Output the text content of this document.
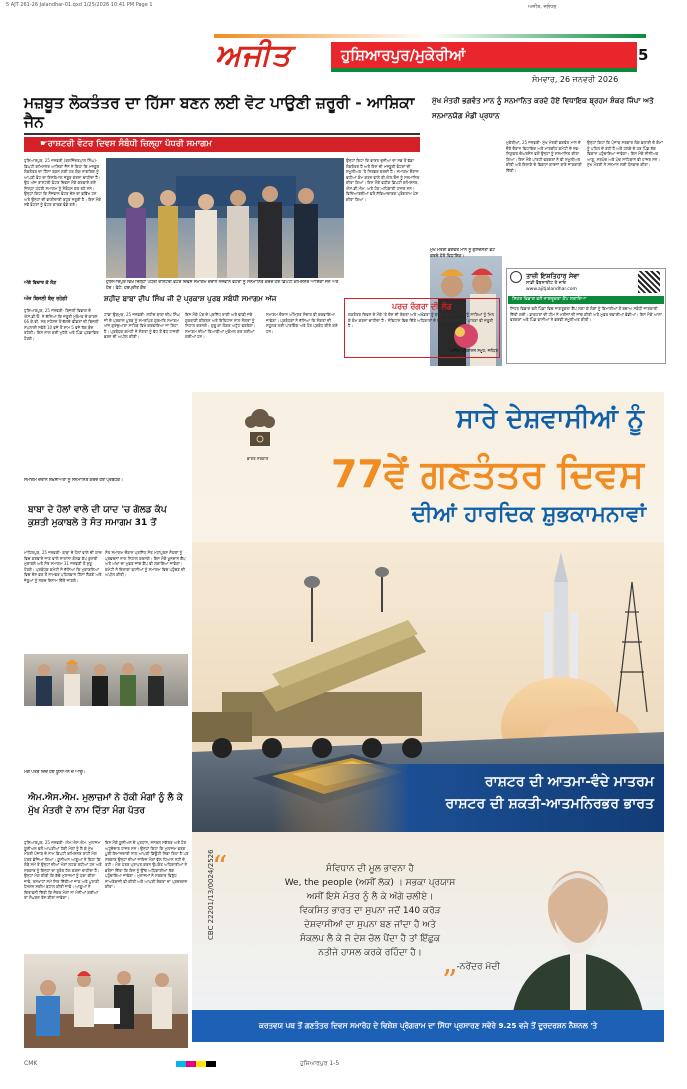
5 AJT 261-26 Jalandhar-01.qxd 1/25/2026 10:41 PM Page 1	ਅਜੀਤ, ਜਲੰਧਰ
ਅਜੀਤ	ਹੁਸ਼ਿਆਰਪੁਰ/ਮੁਕੇਰੀਆਂ	5
ਸੋਮਵਾਰ, 26 ਜਨਵਰੀ 2026
ਮਜ਼ਬੂਤ ਲੋਕਤੰਤਰ ਦਾ ਹਿੱਸਾ ਬਣਨ ਲਈ ਵੋਟ ਪਾਉਣੀ ਜ਼ਰੂਰੀ - ਆਸ਼ਿਕਾ ਜੈਨ
☛ਰਾਸ਼ਟਰੀ ਵੋਟਰ ਦਿਵਸ ਸੰਬੰਧੀ ਜ਼ਿਲ੍ਹਾ ਪੱਧਰੀ ਸਮਾਗਮ

ਹੁਸ਼ਿਆਰਪੁਰ, 25 ਜਨਵਰੀ (ਬਲਜਿੰਦਰਪਾਲ ਸਿੰਘ)- ਡਿਪਟੀ ਕਮਿਸ਼ਨਰ ਆਸ਼ਿਕਾ ਜੈਨ ਨੇ ਕਿਹਾ ਕਿ ਮਜ਼ਬੂਤ ਲੋਕਤੰਤਰ ਦਾ ਹਿੱਸਾ ਬਣਨ ਲਈ ਹਰ ਯੋਗ ਨਾਗਰਿਕ ਨੂੰ ਆਪਣੀ ਵੋਟ ਦਾ ਇਸਤੇਮਾਲ ਜ਼ਰੂਰ ਕਰਨਾ ਚਾਹੀਦਾ ਹੈ। ਉਹ ਅੱਜ ਰਾਸ਼ਟਰੀ ਵੋਟਰ ਦਿਵਸ ਮੌਕੇ ਕਰਵਾਏ ਗਏ ਜ਼ਿਲ੍ਹਾ ਪੱਧਰੀ ਸਮਾਗਮ ਨੂੰ ਸੰਬੋਧਨ ਕਰ ਰਹੇ ਸਨ। ਉਨ੍ਹਾਂ ਕਿਹਾ ਕਿ ਨੌਜਵਾਨ ਵੋਟਰ ਦੇਸ਼ ਦਾ ਭਵਿੱਖ ਹਨ ਅਤੇ ਉਨ੍ਹਾਂ ਦੀ ਭਾਗੀਦਾਰੀ ਬਹੁਤ ਜ਼ਰੂਰੀ ਹੈ। ਇਸ ਮੌਕੇ ਨਵੇਂ ਵੋਟਰਾਂ ਨੂੰ ਵੋਟਰ ਕਾਰਡ ਵੰਡੇ ਗਏ।

ਅੱਗੇ ਵਿਚਾਰ ਕੇ ਲੋੜ	ਹੁਸ਼ਿਆਰਪੁਰ ਵਿਖੇ ਜ਼ਿਲ੍ਹਾ ਪੱਧਰੀ ਰਾਸ਼ਟਰੀ ਵੋਟਰ ਦਿਵਸ ਸਮਾਗਮ ਦੌਰਾਨ ਨੌਜਵਾਨ ਵੋਟਰਾਂ ਨੂੰ ਸਨਮਾਨਿਤ ਕਰਦੇ ਹੋਏ ਡਿਪਟੀ ਕਮਿਸ਼ਨਰ ਆਸ਼ਿਕਾ ਜੈਨ ਅਤੇ ਹੋਰ। ਫੋਟੋ: ਹਰਪ੍ਰੀਤ ਕੌਰ

ਉਨ੍ਹਾਂ ਕਿਹਾ ਕਿ ਭਾਰਤ ਦੁਨੀਆ ਦਾ ਸਭ ਤੋਂ ਵੱਡਾ ਲੋਕਤੰਤਰ ਹੈ ਅਤੇ ਇਸ ਦੀ ਮਜ਼ਬੂਤੀ ਵੋਟਰਾਂ ਦੀ ਸ਼ਮੂਲੀਅਤ 'ਤੇ ਨਿਰਭਰ ਕਰਦੀ ਹੈ। ਸਮਾਗਮ ਦੌਰਾਨ ਵਧੀਆ ਕੰਮ ਕਰਨ ਵਾਲੇ ਬੀ.ਐਲ.ਓਜ਼ ਨੂੰ ਸਨਮਾਨਿਤ ਕੀਤਾ ਗਿਆ। ਇਸ ਮੌਕੇ ਵਧੀਕ ਡਿਪਟੀ ਕਮਿਸ਼ਨਰ, ਐਸ.ਡੀ.ਐਮ. ਅਤੇ ਹੋਰ ਅਧਿਕਾਰੀ ਹਾਜ਼ਰ ਸਨ। ਵਿਦਿਆਰਥੀਆਂ ਵਲੋਂ ਸੱਭਿਆਚਾਰਕ ਪ੍ਰੋਗਰਾਮ ਪੇਸ਼ ਕੀਤਾ ਗਿਆ।

ਮੁੱਖ ਮੰਤਰੀ ਭਗਵੰਤ ਮਾਨ ਨੂੰ ਸਨਮਾਨਿਤ ਕਰਦੇ ਹੋਏ ਵਿਧਾਇਕ ਬ੍ਰਹਮ ਸ਼ੰਕਰ ਜਿੰਪਾ ਅਤੇ ਸਨਮਾਨਯੋਗ ਮੰਡੀ ਪ੍ਰਧਾਨ
ਮੁੱਖ ਮੰਤਰੀ ਭਗਵੰਤ ਮਾਨ ਨੂੰ ਗੁਲਦਸਤਾ ਭੇਟ ਕਰਦੇ ਹੋਏ ਵਿਧਾਇਕ।

ਮੁਕੇਰੀਆਂ, 25 ਜਨਵਰੀ- ਮੁੱਖ ਮੰਤਰੀ ਭਗਵੰਤ ਮਾਨ ਦੇ ਦੌਰੇ ਦੌਰਾਨ ਵਿਧਾਇਕ ਅਤੇ ਮਾਰਕੀਟ ਕਮੇਟੀ ਦੇ ਨਵ-ਨਿਯੁਕਤ ਚੇਅਰਮੈਨ ਵਲੋਂ ਉਨ੍ਹਾਂ ਨੂੰ ਸਨਮਾਨਿਤ ਕੀਤਾ ਗਿਆ। ਇਸ ਮੌਕੇ ਪਾਰਟੀ ਵਰਕਰਾਂ ਨੇ ਵੀ ਸ਼ਮੂਲੀਅਤ ਕੀਤੀ ਅਤੇ ਇਲਾਕੇ ਦੇ ਵਿਕਾਸ ਕਾਰਜਾਂ ਬਾਰੇ ਜਾਣਕਾਰੀ ਦਿੱਤੀ।

ਉਨ੍ਹਾਂ ਕਿਹਾ ਕਿ ਪੰਜਾਬ ਸਰਕਾਰ ਲੋਕ ਭਲਾਈ ਦੇ ਕੰਮਾਂ ਨੂੰ ਪਹਿਲ ਦੇ ਰਹੀ ਹੈ ਅਤੇ ਹਲਕੇ ਦੇ ਹਰ ਪਿੰਡ ਤੱਕ ਵਿਕਾਸ ਪਹੁੰਚਾਇਆ ਜਾਵੇਗਾ। ਇਸ ਮੌਕੇ ਸੀਨੀਅਰ ਆਗੂ, ਸਰਪੰਚ ਅਤੇ ਪੰਚ ਸਾਹਿਬਾਨ ਵੀ ਹਾਜ਼ਰ ਸਨ। ਮੁੱਖ ਮੰਤਰੀ ਨੇ ਸਨਮਾਨ ਲਈ ਧੰਨਵਾਦ ਕੀਤਾ।

ਤਾਜ਼ੀ ਇਸ਼ਤਿਹਾਰ ਸੇਵਾ
ਸਾਡੀ ਵੈੱਬਸਾਈਟ ਤੇ ਜਾਓ
www.ajitjalandhar.com
ਸਿਹਤ ਵਿਭਾਗ ਵਲੋਂ ਜਾਗਰੂਕਤਾ ਕੈਂਪ ਲਗਾਇਆ

ਸਿਹਤ ਵਿਭਾਗ ਵਲੋਂ ਪਿੰਡਾਂ ਵਿਚ ਜਾਗਰੂਕਤਾ ਕੈਂਪ ਲਗਾ ਕੇ ਲੋਕਾਂ ਨੂੰ ਬਿਮਾਰੀਆਂ ਤੋਂ ਬਚਾਅ ਸਬੰਧੀ ਜਾਣਕਾਰੀ ਦਿੱਤੀ ਗਈ। ਡਾਕਟਰਾਂ ਦੀ ਟੀਮ ਨੇ ਮਰੀਜ਼ਾਂ ਦੀ ਜਾਂਚ ਕੀਤੀ ਅਤੇ ਮੁਫ਼ਤ ਦਵਾਈਆਂ ਵੰਡੀਆਂ। ਇਸ ਮੌਕੇ ਆਸ਼ਾ ਵਰਕਰਾਂ ਅਤੇ ਪਿੰਡ ਵਾਸੀਆਂ ਨੇ ਭਰਵੀਂ ਸ਼ਮੂਲੀਅਤ ਕੀਤੀ।

ਪਰਚ ਰੰਗਰਾ ਦੀ ਲੋਡ

ਗਣਤੰਤਰ ਦਿਵਸ ਦੇ ਮੌਕੇ 'ਤੇ ਦੇਸ਼ ਦੀ ਏਕਤਾ ਅਤੇ ਅਖੰਡਤਾ ਨੂੰ ਕਾਇਮ ਰੱਖਣ ਲਈ ਸਾਨੂੰ ਸਾਰਿਆਂ ਨੂੰ ਮਿਲ ਕੇ ਕੰਮ ਕਰਨਾ ਚਾਹੀਦਾ ਹੈ। ਸੰਵਿਧਾਨ ਵਿਚ ਦਿੱਤੇ ਅਧਿਕਾਰਾਂ ਦੇ ਨਾਲ-ਨਾਲ ਫਰਜ਼ਾਂ ਦੀ ਪਾਲਣਾ ਵੀ ਜ਼ਰੂਰੀ ਹੈ।

'ਅਜੀਤ' ਪ੍ਰਕਾਸ਼ਨ ਸਮੂਹ, ਜਲੰਧਰ
ਅੱਜ ਬਿਜਲੀ ਬੰਦ ਰਹੇਗੀ

ਹੁਸ਼ਿਆਰਪੁਰ, 25 ਜਨਵਰੀ- ਬਿਜਲੀ ਵਿਭਾਗ ਦੇ ਐਸ.ਡੀ.ਓ. ਨੇ ਦੱਸਿਆ ਕਿ ਜ਼ਰੂਰੀ ਮੁਰੰਮਤ ਦੇ ਕਾਰਨ 66 ਕੇ.ਵੀ. ਸਬ ਸਟੇਸ਼ਨ ਤੋਂ ਚੱਲਦੇ ਫੀਡਰਾਂ ਦੀ ਬਿਜਲੀ ਸਪਲਾਈ ਸਵੇਰੇ 10 ਵਜੇ ਤੋਂ ਸ਼ਾਮ 5 ਵਜੇ ਤੱਕ ਬੰਦ ਰਹੇਗੀ। ਇਸ ਨਾਲ ਕਈ ਮੁਹੱਲੇ ਅਤੇ ਪਿੰਡ ਪ੍ਰਭਾਵਿਤ ਹੋਣਗੇ।

ਸ਼ਹੀਦ ਬਾਬਾ ਦੀਪ ਸਿੰਘ ਜੀ ਦੇ ਪ੍ਰਕਾਸ਼ ਪੁਰਬ ਸਬੰਧੀ ਸਮਾਗਮ ਅੱਜ

ਟਾਂਡਾ ਉੜਮੁੜ, 25 ਜਨਵਰੀ- ਸ਼ਹੀਦ ਬਾਬਾ ਦੀਪ ਸਿੰਘ ਜੀ ਦੇ ਪ੍ਰਕਾਸ਼ ਪੁਰਬ ਨੂੰ ਸਮਰਪਿਤ ਗੁਰਮਤਿ ਸਮਾਗਮ ਅੱਜ ਗੁਰਦੁਆਰਾ ਸਾਹਿਬ ਵਿਖੇ ਕਰਵਾਇਆ ਜਾ ਰਿਹਾ ਹੈ। ਪ੍ਰਬੰਧਕ ਕਮੇਟੀ ਨੇ ਸੰਗਤਾਂ ਨੂੰ ਵੱਧ ਤੋਂ ਵੱਧ ਹਾਜ਼ਰੀ ਭਰਨ ਦੀ ਅਪੀਲ ਕੀਤੀ।

ਇਸ ਮੌਕੇ ਪੰਥ ਦੇ ਪ੍ਰਸਿੱਧ ਰਾਗੀ ਅਤੇ ਢਾਡੀ ਜਥੇ ਗੁਰਬਾਣੀ ਕੀਰਤਨ ਅਤੇ ਇਤਿਹਾਸ ਨਾਲ ਸੰਗਤਾਂ ਨੂੰ ਨਿਹਾਲ ਕਰਨਗੇ। ਗੁਰੂ ਕਾ ਲੰਗਰ ਅਟੁੱਟ ਵਰਤੇਗਾ। ਸਮਾਗਮ ਦੀਆਂ ਤਿਆਰੀਆਂ ਮੁਕੰਮਲ ਕਰ ਲਈਆਂ ਗਈਆਂ ਹਨ।

ਸਮਾਗਮ ਦੌਰਾਨ ਅੰਮ੍ਰਿਤ ਸੰਚਾਰ ਵੀ ਕਰਵਾਇਆ ਜਾਵੇਗਾ। ਪ੍ਰਬੰਧਕਾਂ ਨੇ ਦੱਸਿਆ ਕਿ ਸੰਗਤਾਂ ਦੀ ਸਹੂਲਤ ਲਈ ਪਾਰਕਿੰਗ ਅਤੇ ਹੋਰ ਪ੍ਰਬੰਧ ਕੀਤੇ ਗਏ ਹਨ।

ਸਮਾਗਮ ਦੌਰਾਨ ਸ਼ਖ਼ਸੀਅਤਾਂ ਨੂੰ ਸਨਮਾਨਿਤ ਕਰਦੇ ਹੋਏ ਪ੍ਰਬੰਧਕ।
ਬਾਬਾ ਦੇ ਹੋਲਾਂ ਵਾਲੇ ਦੀ ਯਾਦ 'ਚ ਗੋਲਡ ਕੱਪ ਕੁਸ਼ਤੀ ਮੁਕਾਬਲੇ ਤੇ ਸੰਤ ਸਮਾਗਮ 31 ਤੋਂ

ਮਾਹਿਲਪੁਰ, 25 ਜਨਵਰੀ- ਬਾਬਾ ਦੇ ਹੋਲਾਂ ਵਾਲੇ ਦੀ ਯਾਦ ਵਿਚ ਕਰਵਾਏ ਜਾਣ ਵਾਲੇ ਸਾਲਾਨਾ ਗੋਲਡ ਕੱਪ ਕੁਸ਼ਤੀ ਮੁਕਾਬਲੇ ਅਤੇ ਸੰਤ ਸਮਾਗਮ 31 ਜਨਵਰੀ ਤੋਂ ਸ਼ੁਰੂ ਹੋਣਗੇ। ਪ੍ਰਬੰਧਕ ਕਮੇਟੀ ਨੇ ਦੱਸਿਆ ਕਿ ਮੁਕਾਬਲਿਆਂ ਵਿਚ ਦੇਸ਼ ਭਰ ਤੋਂ ਨਾਮਵਰ ਪਹਿਲਵਾਨ ਹਿੱਸਾ ਲੈਣਗੇ ਅਤੇ ਜੇਤੂਆਂ ਨੂੰ ਨਕਦ ਇਨਾਮ ਦਿੱਤੇ ਜਾਣਗੇ।

ਸੰਤ ਸਮਾਗਮ ਦੌਰਾਨ ਪ੍ਰਸਿੱਧ ਸੰਤ ਮਹਾਂਪੁਰਸ਼ ਸੰਗਤਾਂ ਨੂੰ ਪ੍ਰਵਚਨਾਂ ਨਾਲ ਨਿਹਾਲ ਕਰਨਗੇ। ਇਸ ਮੌਕੇ ਖੂਨਦਾਨ ਕੈਂਪ ਅਤੇ ਅੱਖਾਂ ਦਾ ਮੁਫ਼ਤ ਜਾਂਚ ਕੈਂਪ ਵੀ ਲਗਾਇਆ ਜਾਵੇਗਾ। ਕਮੇਟੀ ਨੇ ਇਲਾਕਾ ਵਾਸੀਆਂ ਨੂੰ ਸਮਾਗਮ ਵਿਚ ਪਹੁੰਚਣ ਦੀ ਅਪੀਲ ਕੀਤੀ।

ਮੰਗ ਪੱਤਰ ਦਿੰਦੇ ਹੋਏ ਯੂਨੀਅਨ ਦੇ ਆਗੂ।
ਐਮ.ਐਸ.ਐਮ. ਮੁਲਾਜ਼ਮਾਂ ਨੇ ਹੱਕੀ ਮੰਗਾਂ ਨੂੰ ਲੈ ਕੇ ਮੁੱਖ ਮੰਤਰੀ ਦੇ ਨਾਮ ਦਿੱਤਾ ਮੰਗ ਪੱਤਰ

ਹੁਸ਼ਿਆਰਪੁਰ, 25 ਜਨਵਰੀ- ਐਮ.ਐਸ.ਐਮ. ਮੁਲਾਜ਼ਮ ਯੂਨੀਅਨ ਵਲੋਂ ਆਪਣੀਆਂ ਹੱਕੀ ਮੰਗਾਂ ਨੂੰ ਲੈ ਕੇ ਮੁੱਖ ਮੰਤਰੀ ਪੰਜਾਬ ਦੇ ਨਾਮ ਡਿਪਟੀ ਕਮਿਸ਼ਨਰ ਰਾਹੀਂ ਮੰਗ ਪੱਤਰ ਭੇਜਿਆ ਗਿਆ। ਯੂਨੀਅਨ ਆਗੂਆਂ ਨੇ ਕਿਹਾ ਕਿ ਲੰਬੇ ਸਮੇਂ ਤੋਂ ਉਨ੍ਹਾਂ ਦੀਆਂ ਮੰਗਾਂ ਲਟਕ ਰਹੀਆਂ ਹਨ ਅਤੇ ਸਰਕਾਰ ਨੂੰ ਇਨ੍ਹਾਂ ਦਾ ਤੁਰੰਤ ਹੱਲ ਕਰਨਾ ਚਾਹੀਦਾ ਹੈ। ਉਨ੍ਹਾਂ ਮੰਗ ਕੀਤੀ ਕਿ ਕੱਚੇ ਮੁਲਾਜ਼ਮਾਂ ਨੂੰ ਪੱਕਾ ਕੀਤਾ ਜਾਵੇ, ਤਨਖਾਹਾਂ ਸਮੇਂ ਸਿਰ ਦਿੱਤੀਆਂ ਜਾਣ ਅਤੇ ਪੁਰਾਣੀ ਪੈਨਸ਼ਨ ਸਕੀਮ ਬਹਾਲ ਕੀਤੀ ਜਾਵੇ। ਆਗੂਆਂ ਨੇ ਚਿਤਾਵਨੀ ਦਿੱਤੀ ਕਿ ਜੇਕਰ ਮੰਗਾਂ ਨਾ ਮੰਨੀਆਂ ਗਈਆਂ ਤਾਂ ਸੰਘਰਸ਼ ਤੇਜ਼ ਕੀਤਾ ਜਾਵੇਗਾ।

ਇਸ ਮੌਕੇ ਯੂਨੀਅਨ ਦੇ ਪ੍ਰਧਾਨ, ਜਨਰਲ ਸਕੱਤਰ ਅਤੇ ਹੋਰ ਅਹੁਦੇਦਾਰ ਹਾਜ਼ਰ ਸਨ। ਉਨ੍ਹਾਂ ਕਿਹਾ ਕਿ ਮੁਲਾਜ਼ਮ ਵਰਗ ਪੂਰੀ ਇਮਾਨਦਾਰੀ ਨਾਲ ਆਪਣੀ ਡਿਊਟੀ ਨਿਭਾ ਰਿਹਾ ਹੈ ਪਰ ਸਰਕਾਰ ਉਨ੍ਹਾਂ ਦੀਆਂ ਜਾਇਜ਼ ਮੰਗਾਂ ਵੱਲ ਧਿਆਨ ਨਹੀਂ ਦੇ ਰਹੀ। ਮੰਗ ਪੱਤਰ ਪ੍ਰਾਪਤ ਕਰਨ ਉਪਰੰਤ ਅਧਿਕਾਰੀਆਂ ਨੇ ਭਰੋਸਾ ਦਿੱਤਾ ਕਿ ਇਸ ਨੂੰ ਉੱਚ ਅਧਿਕਾਰੀਆਂ ਤੱਕ ਪਹੁੰਚਾਇਆ ਜਾਵੇਗਾ। ਮੁਲਾਜ਼ਮਾਂ ਨੇ ਸਰਕਾਰ ਵਿਰੁੱਧ ਨਾਅਰੇਬਾਜ਼ੀ ਵੀ ਕੀਤੀ ਅਤੇ ਆਪਣੀ ਏਕਤਾ ਦਾ ਪ੍ਰਦਰਸ਼ਨ ਕੀਤਾ।

ਭਾਰਤ ਸਰਕਾਰ
ਸਾਰੇ ਦੇਸ਼ਵਾਸੀਆਂ ਨੂੰ
77ਵੇਂ ਗਣਤੰਤਰ ਦਿਵਸ
ਦੀਆਂ ਹਾਰਦਿਕ ਸ਼ੁਭਕਾਮਨਾਵਾਂ
ਰਾਸ਼ਟਰ ਦੀ ਆਤਮਾ-ਵੰਦੇ ਮਾਤਰਮ
ਰਾਸ਼ਟਰ ਦੀ ਸ਼ਕਤੀ-ਆਤਮਨਿਰਭਰ ਭਾਰਤ
“	ਸੰਵਿਧਾਨ ਦੀ ਮੂਲ ਭਾਵਨਾ ਹੈ
We, the people (ਅਸੀਂ ਲੋਕ) । ਸਭਕਾ ਪ੍ਰਯਾਸ
ਅਸੀਂ ਇਸੇ ਮੰਤਰ ਨੂੰ ਲੈ ਕੇ ਅੱਗੇ ਚਲੀਏ।
ਵਿਕਸਿਤ ਭਾਰਤ ਦਾ ਸੁਪਨਾ ਜਦੋਂ 140 ਕਰੋੜ
ਦੇਸ਼ਵਾਸੀਆਂ ਦਾ ਸੁਪਨਾ ਬਣ ਜਾਂਦਾ ਹੈ ਅਤੇ
ਸੰਕਲਪ ਲੈ ਕੇ ਜੋ ਦੇਸ਼ ਚੱਲ ਪੈਂਦਾ ਹੈ ਤਾਂ ਇੱਛੁਕ
ਨਤੀਜੇ ਹਾਸਲ ਕਰਕੇ ਰਹਿੰਦਾ ਹੈ।
-ਨਰੇਂਦਰ ਮੋਦੀ
”
CBC 22201/13/0024/2526
ਕਰਤਵਯ ਪਥ ਤੋਂ ਗਣਤੰਤਰ ਦਿਵਸ ਸਮਾਰੋਹ ਦੇ ਵਿਸ਼ੇਸ਼ ਪ੍ਰੋਗਰਾਮ ਦਾ ਸਿੱਧਾ ਪ੍ਰਸਾਰਣ ਸਵੇਰੇ 9.25 ਵਜੇ ਤੋਂ ਦੂਰਦਰਸ਼ਨ ਨੈਸ਼ਨਲ 'ਤੇ
CMK	ਹੁਸ਼ਿਆਰਪੁਰ 1-5
